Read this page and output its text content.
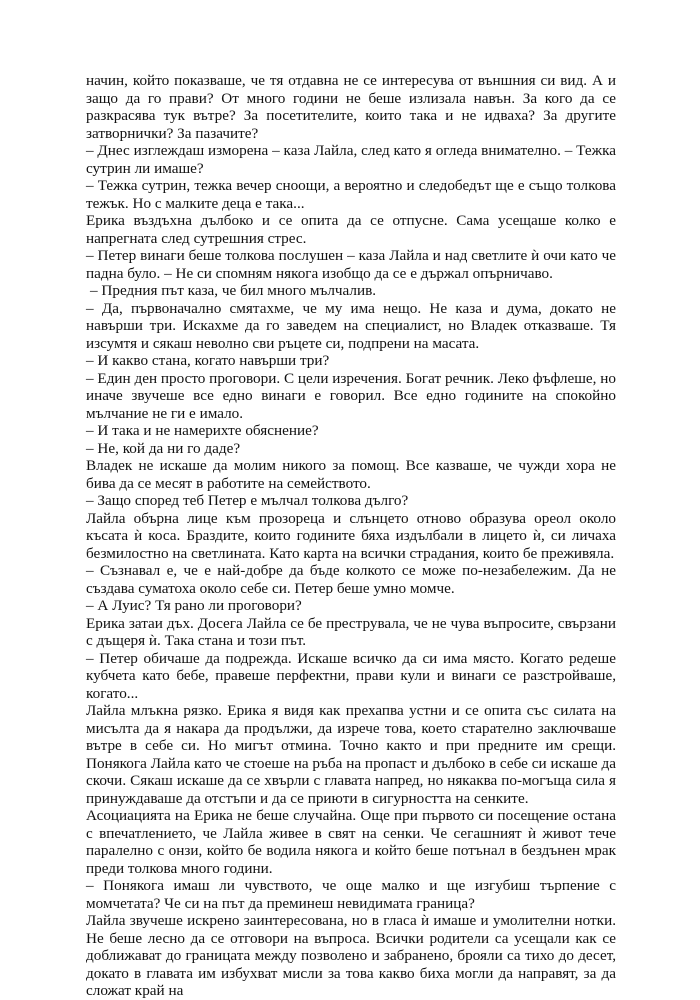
начин, който показваше, че тя отдавна не се интересува от външния си вид. А и защо да го прави? От много години не беше излизала навън. За кого да се разкрасява тук вътре? За посетителите, които така и не идваха? За другите затворнички? За пазачите?

– Днес изглеждаш изморена – каза Лайла, след като я огледа внимателно. – Тежка сутрин ли имаше?

– Тежка сутрин, тежка вечер сноощи, а вероятно и следобедът ще е също толкова тежък. Но с малките деца е така...

Ерика въздъхна дълбоко и се опита да се отпусне. Сама усещаше колко е напрегната след сутрешния стрес.

– Петер винаги беше толкова послушен – каза Лайла и над светлите ѝ очи като че падна було. – Не си спомням някога изобщо да се е държал опърничаво.

– Предния път каза, че бил много мълчалив.

– Да, първоначално смятахме, че му има нещо. Не каза и дума, докато не навърши три. Искахме да го заведем на специалист, но Владек отказваше. Тя изсумтя и сякаш неволно сви ръцете си, подпрени на масата.

– И какво стана, когато навърши три?

– Един ден просто проговори. С цели изречения. Богат речник. Леко фъфлеше, но иначе звучеше все едно винаги е говорил. Все едно годините на спокойно мълчание не ги е имало.

– И така и не намерихте обяснение?

– Не, кой да ни го даде?

Владек не искаше да молим никого за помощ. Все казваше, че чужди хора не бива да се месят в работите на семейството.

– Защо според теб Петер е мълчал толкова дълго?

Лайла обърна лице към прозореца и слънцето отново образува ореол около късата ѝ коса. Браздите, които годините бяха издълбали в лицето ѝ, си личаха безмилостно на светлината. Като карта на всички страдания, които бе преживяла.

– Съзнавал е, че е най-добре да бъде колкото се може по-незабележим. Да не създава суматоха около себе си. Петер беше умно момче.

– А Луис? Тя рано ли проговори?

Ерика затаи дъх. Досега Лайла се бе преструвала, че не чува въпросите, свързани с дъщеря ѝ. Така стана и този път.

– Петер обичаше да подрежда. Искаше всичко да си има място. Когато редеше кубчета като бебе, правеше перфектни, прави кули и винаги се разстройваше, когато...

Лайла млъкна рязко. Ерика я видя как прехапва устни и се опита със силата на мисълта да я накара да продължи, да изрече това, което старателно заключваше вътре в себе си. Но мигът отмина. Точно както и при предните им срещи. Понякога Лайла като че стоеше на ръба на пропаст и дълбоко в себе си искаше да скочи. Сякаш искаше да се хвърли с главата напред, но някаква по-могъща сила я принуждаваше да отстъпи и да се приюти в сигурността на сенките.

Асоциацията на Ерика не беше случайна. Още при първото си посещение остана с впечатлението, че Лайла живее в свят на сенки. Че сегашният ѝ живот тече паралелно с онзи, който бе водила някога и който беше потънал в бездънен мрак преди толкова много години.

– Понякога имаш ли чувството, че още малко и ще изгубиш търпение с момчетата? Че си на път да преминеш невидимата граница?

Лайла звучеше искрено заинтересована, но в гласа ѝ имаше и умолителни нотки. Не беше лесно да се отговори на въпроса. Всички родители са усещали как се доближават до границата между позволено и забранено, брояли са тихо до десет, докато в главата им избухват мисли за това какво биха могли да направят, за да сложат край на
